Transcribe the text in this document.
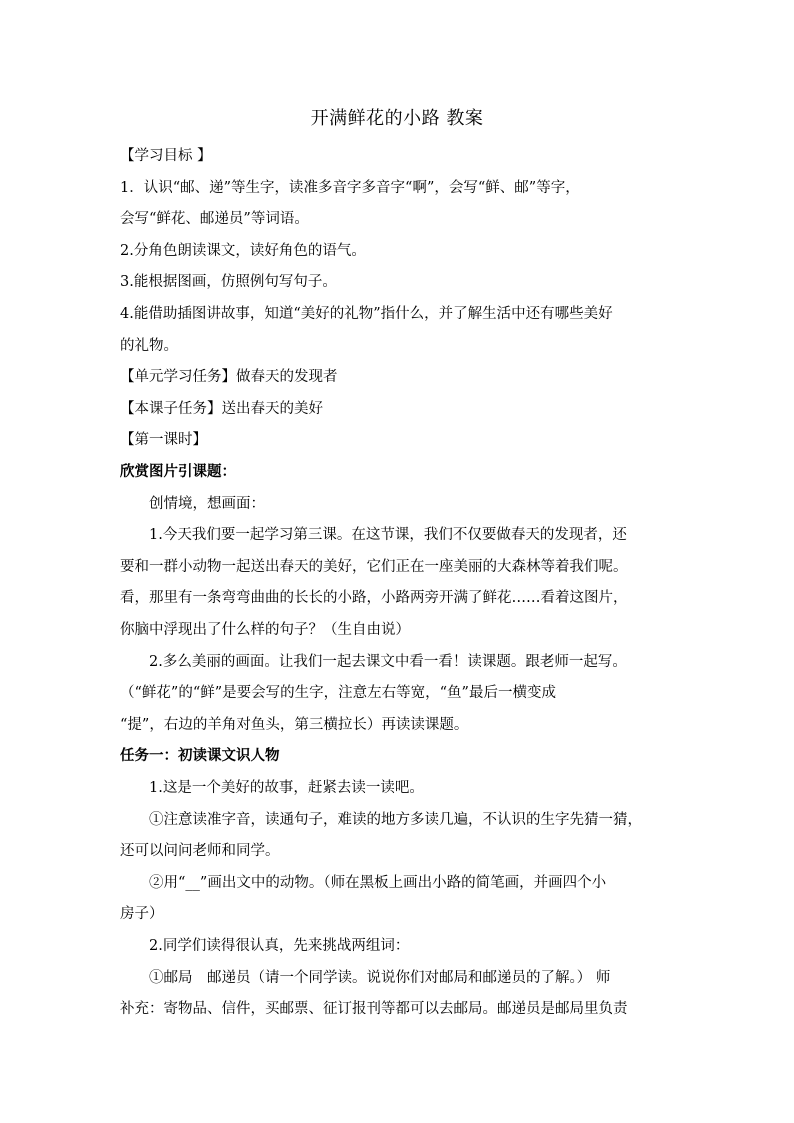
开满鲜花的小路 教案
【学习目标 】
1．认识“邮、递”等生字，读准多音字多音字“啊”，会写“鲜、邮”等字，
会写“鲜花、邮递员”等词语。
2.分角色朗读课文，读好角色的语气。
3.能根据图画，仿照例句写句子。
4.能借助插图讲故事，知道“美好的礼物”指什么，并了解生活中还有哪些美好
的礼物。
【单元学习任务】做春天的发现者
【本课子任务】送出春天的美好
【第一课时】
欣赏图片引课题：
创情境，想画面：
1.今天我们要一起学习第三课。在这节课，我们不仅要做春天的发现者，还
要和一群小动物一起送出春天的美好，它们正在一座美丽的大森林等着我们呢。
看，那里有一条弯弯曲曲的长长的小路，小路两旁开满了鲜花……看着这图片，
你脑中浮现出了什么样的句子？（生自由说）
2.多么美丽的画面。让我们一起去课文中看一看！读课题。跟老师一起写。
（“鲜花”的“鲜”是要会写的生字，注意左右等宽，“鱼”最后一横变成
“提”，右边的羊角对鱼头，第三横拉长）再读读课题。
任务一：初读课文识人物
1.这是一个美好的故事，赶紧去读一读吧。
①注意读准字音，读通句子，难读的地方多读几遍，不认识的生字先猜一猜，
还可以问问老师和同学。
②用“__”画出文中的动物。（师在黑板上画出小路的简笔画，并画四个小
房子）
2.同学们读得很认真，先来挑战两组词：
①邮局　邮递员（请一个同学读。说说你们对邮局和邮递员的了解。） 师
补充：寄物品、信件，买邮票、征订报刊等都可以去邮局。邮递员是邮局里负责
